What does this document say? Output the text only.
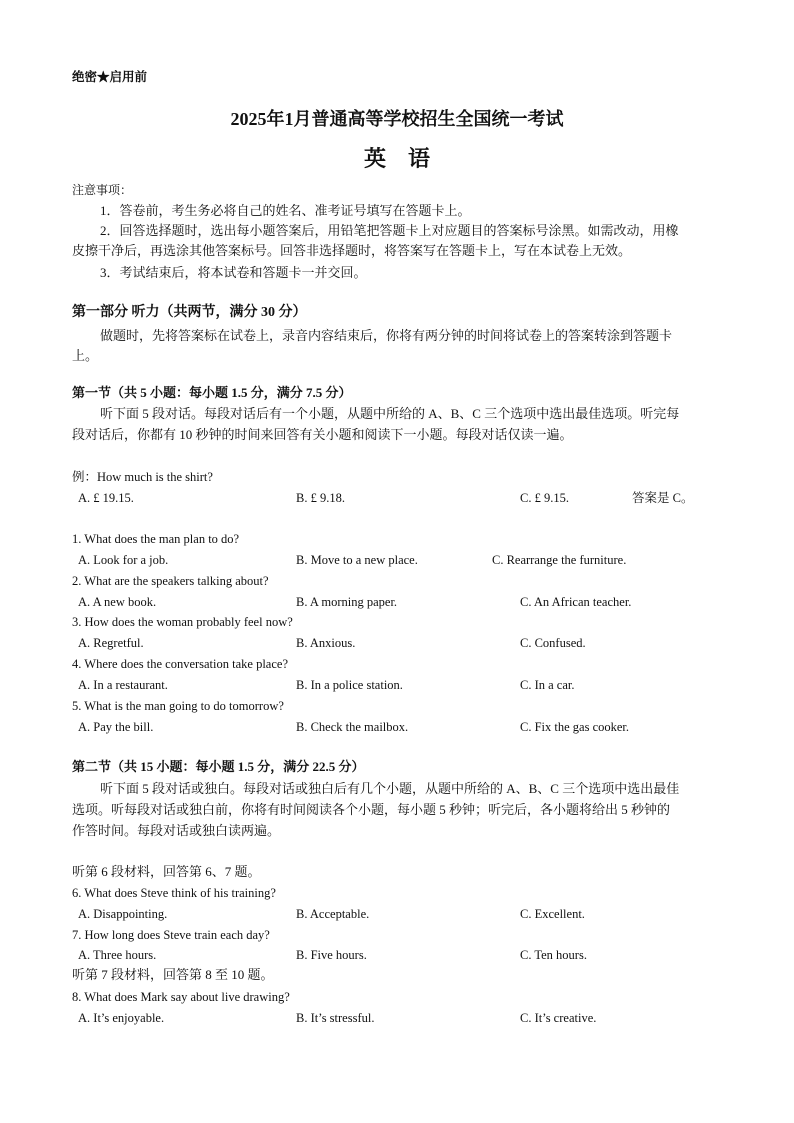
绝密★启用前
2025年1月普通高等学校招生全国统一考试
英　语
注意事项：
1．答卷前，考生务必将自己的姓名、准考证号填写在答题卡上。
2．回答选择题时，选出每小题答案后，用铅笔把答题卡上对应题目的答案标号涂黑。如需改动，用橡
皮擦干净后，再选涂其他答案标号。回答非选择题时，将答案写在答题卡上，写在本试卷上无效。
3．考试结束后，将本试卷和答题卡一并交回。
第一部分 听力（共两节，满分 30 分）
做题时，先将答案标在试卷上，录音内容结束后，你将有两分钟的时间将试卷上的答案转涂到答题卡
上。
第一节（共 5 小题：每小题 1.5 分，满分 7.5 分）
听下面 5 段对话。每段对话后有一个小题，从题中所给的 A、B、C 三个选项中选出最佳选项。听完每
段对话后，你都有 10 秒钟的时间来回答有关小题和阅读下一小题。每段对话仅读一遍。
例：How much is the shirt?
A. £ 19.15.	B. £ 9.18.	C. £ 9.15.	答案是 C。
1. What does the man plan to do?
A. Look for a job.	B. Move to a new place.	C. Rearrange the furniture.
2. What are the speakers talking about?
A. A new book.	B. A morning paper.	C. An African teacher.
3. How does the woman probably feel now?
A. Regretful.	B. Anxious.	C. Confused.
4. Where does the conversation take place?
A. In a restaurant.	B. In a police station.	C. In a car.
5. What is the man going to do tomorrow?
A. Pay the bill.	B. Check the mailbox.	C. Fix the gas cooker.
第二节（共 15 小题：每小题 1.5 分，满分 22.5 分）
听下面 5 段对话或独白。每段对话或独白后有几个小题，从题中所给的 A、B、C 三个选项中选出最佳
选项。听每段对话或独白前，你将有时间阅读各个小题，每小题 5 秒钟；听完后，各小题将给出 5 秒钟的
作答时间。每段对话或独白读两遍。
听第 6 段材料，回答第 6、7 题。
6. What does Steve think of his training?
A. Disappointing.	B. Acceptable.	C. Excellent.
7. How long does Steve train each day?
A. Three hours.	B. Five hours.	C. Ten hours.
听第 7 段材料，回答第 8 至 10 题。
8. What does Mark say about live drawing?
A. It’s enjoyable.	B. It’s stressful.	C. It’s creative.
